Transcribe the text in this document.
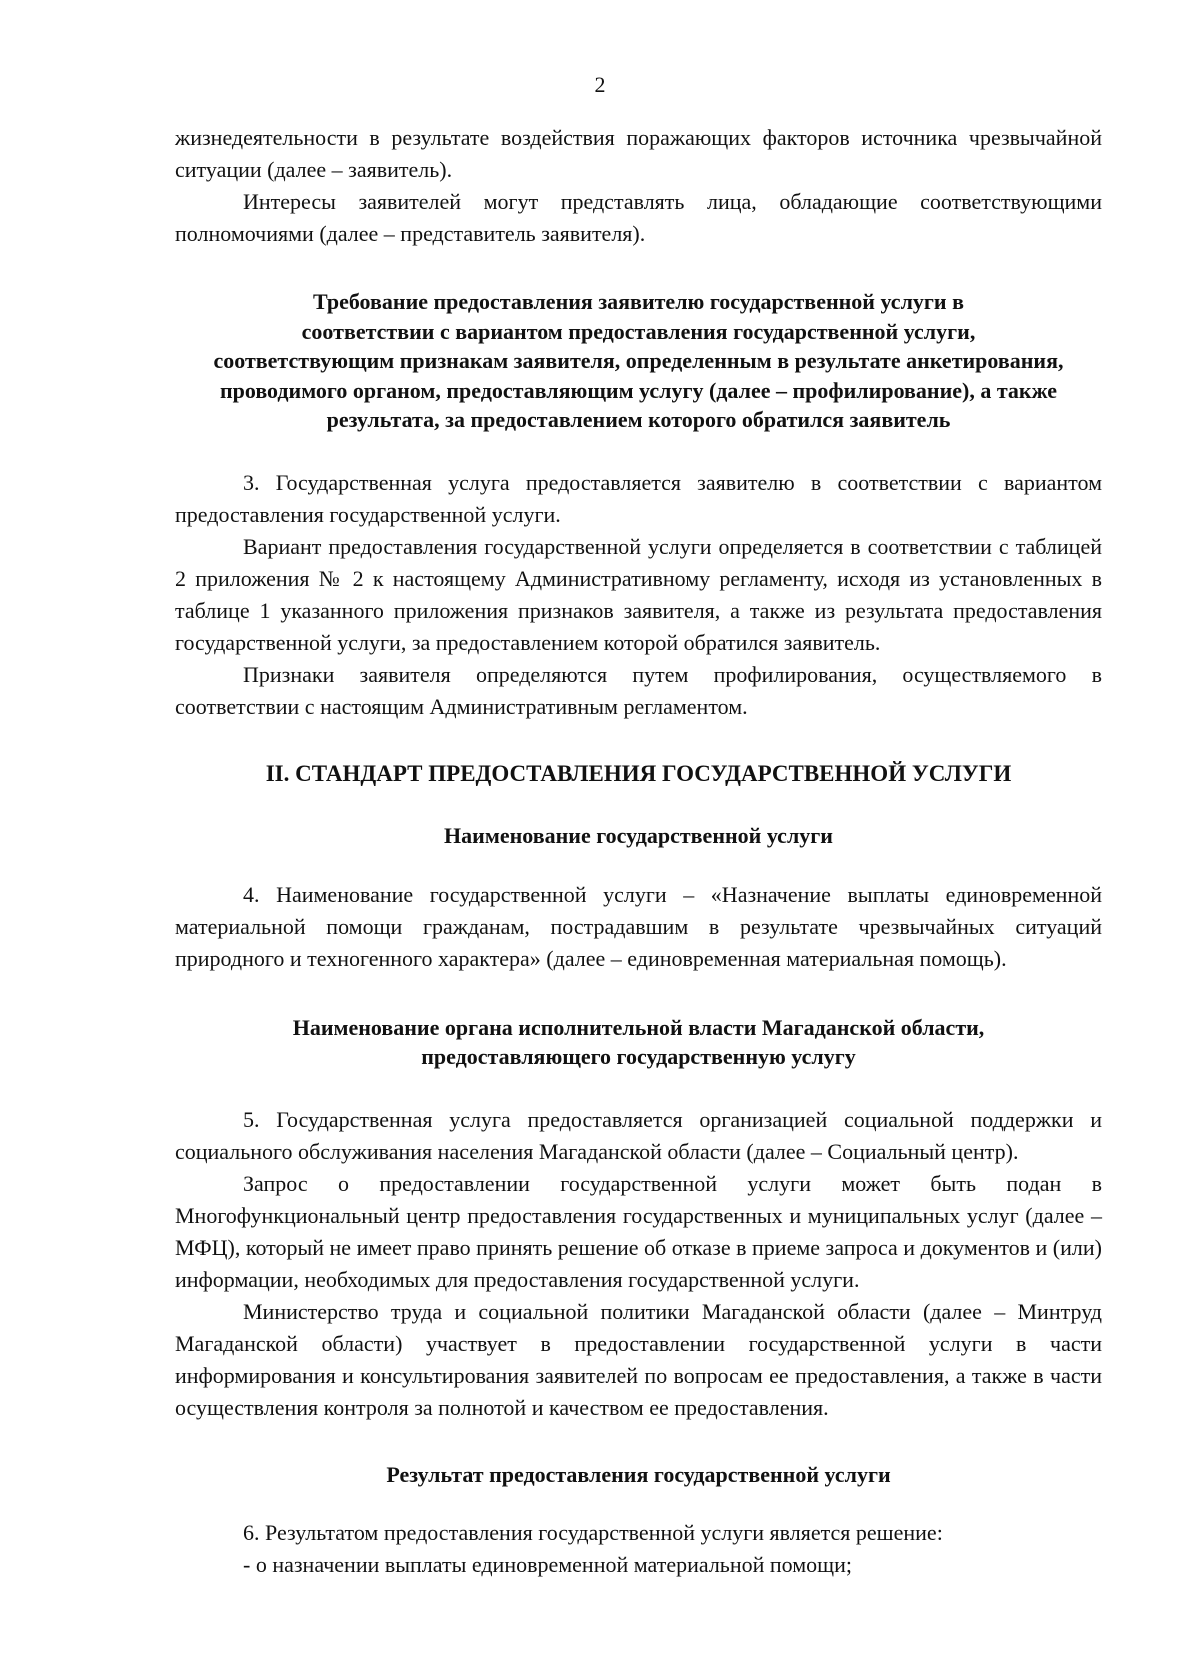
2

жизнедеятельности в результате воздействия поражающих факторов источника чрезвычайной ситуации (далее – заявитель).

Интересы заявителей могут представлять лица, обладающие соответствующими полномочиями (далее – представитель заявителя).

Требование предоставления заявителю государственной услуги в
соответствии с вариантом предоставления государственной услуги,
соответствующим признакам заявителя, определенным в результате анкетирования,
проводимого органом, предоставляющим услугу (далее – профилирование), а также
результата, за предоставлением которого обратился заявитель

3. Государственная услуга предоставляется заявителю в соответствии с вариантом предоставления государственной услуги.

Вариант предоставления государственной услуги определяется в соответствии с таблицей 2 приложения № 2 к настоящему Административному регламенту, исходя из установленных в таблице 1 указанного приложения признаков заявителя, а также из результата предоставления государственной услуги, за предоставлением которой обратился заявитель.

Признаки заявителя определяются путем профилирования, осуществляемого в соответствии с настоящим Административным регламентом.

II. СТАНДАРТ ПРЕДОСТАВЛЕНИЯ ГОСУДАРСТВЕННОЙ УСЛУГИ
Наименование государственной услуги

4. Наименование государственной услуги – «Назначение выплаты единовременной материальной помощи гражданам, пострадавшим в результате чрезвычайных ситуаций природного и техногенного характера» (далее – единовременная материальная помощь).

Наименование органа исполнительной власти Магаданской области,
предоставляющего государственную услугу

5. Государственная услуга предоставляется организацией социальной поддержки и социального обслуживания населения Магаданской области (далее – Социальный центр).

Запрос о предоставлении государственной услуги может быть подан в Многофункциональный центр предоставления государственных и муниципальных услуг (далее – МФЦ), который не имеет право принять решение об отказе в приеме запроса и документов и (или) информации, необходимых для предоставления государственной услуги.

Министерство труда и социальной политики Магаданской области (далее – Минтруд Магаданской области) участвует в предоставлении государственной услуги в части информирования и консультирования заявителей по вопросам ее предоставления, а также в части осуществления контроля за полнотой и качеством ее предоставления.

Результат предоставления государственной услуги

6. Результатом предоставления государственной услуги является решение:

- о назначении выплаты единовременной материальной помощи;
